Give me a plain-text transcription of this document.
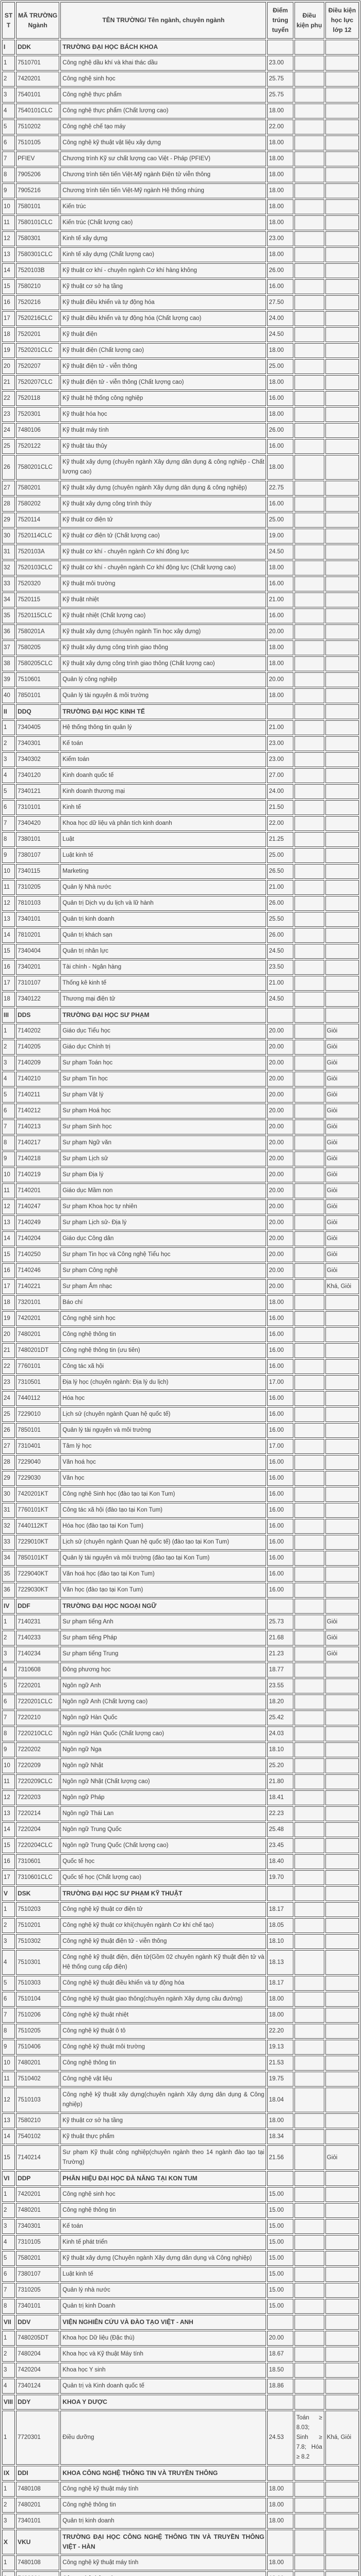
STT	MÃ TRƯỜNG Ngành	TÊN TRƯỜNG/ Tên ngành, chuyên ngành	Điểm trúng tuyển	Điều kiện phụ	Điều kiện học lực lớp 12
I	DDK	TRƯỜNG ĐẠI HỌC BÁCH KHOA			
1	7510701	Công nghệ dầu khí và khai thác dầu	23.00		
2	7420201	Công nghệ sinh học	25.75		
3	7540101	Công nghệ thực phẩm	25.75		
4	7540101CLC	Công nghệ thực phẩm (Chất lượng cao)	18.00		
5	7510202	Công nghệ chế tạo máy	22.00		
6	7510105	Công nghệ kỹ thuật vật liệu xây dựng	18.00		
7	PFIEV	Chương trình Kỹ sư chất lượng cao Việt - Pháp (PFIEV)	18.00		
8	7905206	Chương trình tiên tiến Việt-Mỹ ngành Điện tử viễn thông	18.00		
9	7905216	Chương trình tiên tiến Việt-Mỹ ngành Hệ thống nhúng	18.00		
10	7580101	Kiến trúc	18.00		
11	7580101CLC	Kiến trúc (Chất lượng cao)	18.00		
12	7580301	Kinh tế xây dựng	23.00		
13	7580301CLC	Kinh tế xây dựng (Chất lượng cao)	18.00		
14	7520103B	Kỹ thuật cơ khí - chuyên ngành Cơ khí hàng không	26.00		
15	7580210	Kỹ thuật cơ sở hạ tầng	16.00		
16	7520216	Kỹ thuật điều khiển và tự động hóa	27.50		
17	7520216CLC	Kỹ thuật điều khiển và tự động hóa (Chất lượng cao)	24.00		
18	7520201	Kỹ thuật điện	24.50		
19	7520201CLC	Kỹ thuật điện (Chất lượng cao)	18.00		
20	7520207	Kỹ thuật điện tử - viễn thông	25.00		
21	7520207CLC	Kỹ thuật điện tử - viễn thông (Chất lượng cao)	18.00		
22	7520118	Kỹ thuật hệ thống công nghiệp	16.00		
23	7520301	Kỹ thuật hóa học	18.00		
24	7480106	Kỹ thuật máy tính	26.00		
25	7520122	Kỹ thuật tàu thủy	16.00		
26	7580201CLC	Kỹ thuật xây dựng (chuyên ngành Xây dựng dân dụng & công nghiệp - Chất lượng cao)	18.00		
27	7580201	Kỹ thuật xây dựng (chuyên ngành Xây dựng dân dụng & công nghiệp)	22.75		
28	7580202	Kỹ thuật xây dựng công trình thủy	16.00		
29	7520114	Kỹ thuật cơ điện tử	25.00		
30	7520114CLC	Kỹ thuật cơ điện tử (Chất lượng cao)	19.00		
31	7520103A	Kỹ thuật cơ khí - chuyên ngành Cơ khí động lực	24.50		
32	7520103CLC	Kỹ thuật cơ khí - chuyên ngành Cơ khí động lực (Chất lượng cao)	18.00		
33	7520320	Kỹ thuật môi trường	16.00		
34	7520115	Kỹ thuật nhiệt	21.00		
35	7520115CLC	Kỹ thuật nhiệt (Chất lượng cao)	16.00		
36	7580201A	Kỹ thuật xây dựng (chuyên ngành Tin học xây dựng)	20.00		
37	7580205	Kỹ thuật xây dựng công trình giao thông	18.00		
38	7580205CLC	Kỹ thuật xây dựng công trình giao thông (Chất lượng cao)	18.00		
39	7510601	Quản lý công nghiệp	20.00		
40	7850101	Quản lý tài nguyên & môi trường	18.00		
II	DDQ	TRƯỜNG ĐẠI HỌC KINH TẾ			
1	7340405	Hệ thống thông tin quản lý	21.00		
2	7340301	Kế toán	23.00		
3	7340302	Kiểm toán	23.00		
4	7340120	Kinh doanh quốc tế	27.00		
5	7340121	Kinh doanh thương mại	24.00		
6	7310101	Kinh tế	21.50		
7	7340420	Khoa học dữ liệu và phân tích kinh doanh	22.00		
8	7380101	Luật	21.25		
9	7380107	Luật kinh tế	25.00		
10	7340115	Marketing	26.50		
11	7310205	Quản lý Nhà nước	21.00		
12	7810103	Quản trị Dịch vụ du lịch và lữ hành	26.00		
13	7340101	Quản trị kinh doanh	25.50		
14	7810201	Quản trị khách sạn	26.00		
15	7340404	Quản trị nhân lực	24.50		
16	7340201	Tài chính - Ngân hàng	23.50		
17	7310107	Thống kê kinh tế	21.00		
18	7340122	Thương mại điện tử	24.50		
III	DDS	TRƯỜNG ĐẠI HỌC SƯ PHẠM			
1	7140202	Giáo dục Tiểu học	20.00		Giỏi
2	7140205	Giáo dục Chính trị	20.00		Giỏi
3	7140209	Sư phạm Toán học	20.00		Giỏi
4	7140210	Sư phạm Tin học	20.00		Giỏi
5	7140211	Sư phạm Vật lý	20.00		Giỏi
6	7140212	Sư phạm Hoá học	20.00		Giỏi
7	7140213	Sư phạm Sinh học	20.00		Giỏi
8	7140217	Sư phạm Ngữ văn	20.00		Giỏi
9	7140218	Sư phạm Lịch sử	20.00		Giỏi
10	7140219	Sư phạm Địa lý	20.00		Giỏi
11	7140201	Giáo dục Mầm non	20.00		Giỏi
12	7140247	Sư phạm Khoa học tự nhiên	20.00		Giỏi
13	7140249	Sư phạm Lịch sử- Địa lý	20.00		Giỏi
14	7140204	Giáo dục Công dân	20.00		Giỏi
15	7140250	Sư phạm Tin học và Công nghệ Tiểu học	20.00		Giỏi
16	7140246	Sư phạm Công nghệ	20.00		Giỏi
17	7140221	Sư phạm Âm nhạc	20.00		Khá, Giỏi
18	7320101	Báo chí	18.00		
19	7420201	Công nghệ sinh học	16.00		
20	7480201	Công nghệ thông tin	16.00		
21	7480201DT	Công nghệ thông tin (ưu tiên)	16.00		
22	7760101	Công tác xã hội	16.00		
23	7310501	Địa lý học (chuyên ngành: Địa lý du lịch)	17.00		
24	7440112	Hóa học	16.00		
25	7229010	Lịch sử (chuyên ngành Quan hệ quốc tế)	16.00		
26	7850101	Quản lý tài nguyên và môi trường	16.00		
27	7310401	Tâm lý học	17.00		
28	7229040	Văn hoá học	16.00		
29	7229030	Văn học	16.00		
30	7420201KT	Công nghệ Sinh học (đào tạo tại Kon Tum)	16.00		
31	7760101KT	Công tác xã hội (đào tạo tại Kon Tum)	16.00		
32	7440112KT	Hóa học (đào tạo tại Kon Tum)	16.00		
33	7229010KT	Lịch sử (chuyên ngành Quan hệ quốc tế) (đào tạo tại Kon Tum)	16.00		
34	7850101KT	Quản lý tài nguyên và môi trường (đào tạo tại Kon Tum)	16.00		
35	7229040KT	Văn hoá học (đào tạo tại Kon Tum)	16.00		
36	7229030KT	Văn học (đào tạo tại Kon Tum)	16.00		
IV	DDF	TRƯỜNG ĐẠI HỌC NGOẠI NGỮ			
1	7140231	Sư phạm tiếng Anh	25.73		Giỏi
2	7140233	Sư phạm tiếng Pháp	21.68		Giỏi
3	7140234	Sư phạm tiếng Trung	21.23		Giỏi
4	7310608	Đông phương học	18.77		
5	7220201	Ngôn ngữ Anh	23.55		
6	7220201CLC	Ngôn ngữ Anh (Chất lượng cao)	18.20		
7	7220210	Ngôn ngữ Hàn Quốc	25.42		
8	7220210CLC	Ngôn ngữ Hàn Quốc (Chất lượng cao)	24.03		
9	7220202	Ngôn ngữ Nga	18.10		
10	7220209	Ngôn ngữ Nhật	25.20		
11	7220209CLC	Ngôn ngữ Nhật (Chất lượng cao)	21.80		
12	7220203	Ngôn ngữ Pháp	18.41		
13	7220214	Ngôn ngữ Thái Lan	22.23		
14	7220204	Ngôn ngữ Trung Quốc	25.48		
15	7220204CLC	Ngôn ngữ Trung Quốc (Chất lượng cao)	23.45		
16	7310601	Quốc tế học	18.40		
17	7310601CLC	Quốc tế học (Chất lượng cao)	19.70		
V	DSK	TRƯỜNG ĐẠI HỌC SƯ PHẠM KỸ THUẬT			
1	7510203	Công nghệ kỹ thuật cơ điện tử	18.17		
2	7510201	Công nghệ kỹ thuật cơ khí(chuyên ngành Cơ khí chế tạo)	18.05		
3	7510302	Công nghệ kỹ thuật điện tử - viễn thông	18.10		
4	7510301	Công nghệ kỹ thuật điện, điện tử(Gồm 02 chuyên ngành Kỹ thuật điện tử và Hệ thống cung cấp điện)	18.13		
5	7510303	Công nghệ kỹ thuật điều khiển và tự động hóa	18.17		
6	7510104	Công nghệ kỹ thuật giao thông(chuyên ngành Xây dựng cầu đường)	18.00		
7	7510206	Công nghệ kỹ thuật nhiệt	18.00		
8	7510205	Công nghệ kỹ thuật ô tô	22.20		
9	7510406	Công nghệ kỹ thuật môi trường	19.13		
10	7480201	Công nghệ thông tin	21.53		
11	7510402	Công nghệ vật liệu	19.75		
12	7510103	Công nghệ kỹ thuật xây dựng(chuyên ngành Xây dựng dân dụng & Công nghiệp)	18.04		
13	7580210	Kỹ thuật cơ sở hạ tầng	18.00		
14	7540102	Kỹ thuật thực phẩm	18.34		
15	7140214	Sư phạm Kỹ thuật công nghiệp(chuyên ngành theo 14 ngành đào tạo tại Trường)	21.56		Giỏi
VI	DDP	PHÂN HIỆU ĐẠI HỌC ĐÀ NẴNG TẠI KON TUM			
1	7420201	Công nghệ sinh học	15.00		
2	7480201	Công nghệ thông tin	15.00		
3	7340301	Kế toán	15.00		
4	7310105	Kinh tế phát triển	15.00		
5	7580201	Kỹ thuật xây dựng (Chuyên ngành Xây dựng dân dụng và Công nghiệp)	15.00		
6	7380107	Luật kinh tế	15.00		
7	7310205	Quản lý nhà nước	15.00		
8	7340101	Quản trị kinh Doanh	15.00		
VII	DDV	VIỆN NGHIÊN CỨU VÀ ĐÀO TẠO VIỆT - ANH			
1	7480205DT	Khoa học Dữ liệu (Đặc thù)	20.00		
2	7480204	Khoa học và Kỹ thuật Máy tính	18.67		
3	7420204	Khoa học Y sinh	18.50		
4	7340124	Quản trị và Kinh doanh quốc tế	18.86		
VIII	DDY	KHOA Y DƯỢC			
1	7720301	Điều dưỡng	24.53	Toán ≥ 8.03; Sinh ≥ 7.8; Hóa ≥ 8.2	Khá, Giỏi
IX	DDI	KHOA CÔNG NGHỆ THÔNG TIN VÀ TRUYỀN THÔNG			
1	7480108	Công nghệ kỹ thuật máy tính	18.00		
2	7480201	Công nghệ thông tin	18.00		
3	7340101	Quản trị kinh doanh	18.00		
X	VKU	TRƯỜNG ĐẠI HỌC CÔNG NGHỆ THÔNG TIN VÀ TRUYỀN THÔNG VIỆT - HÀN			
1	7480108	Công nghệ kỹ thuật máy tính	18.00		
